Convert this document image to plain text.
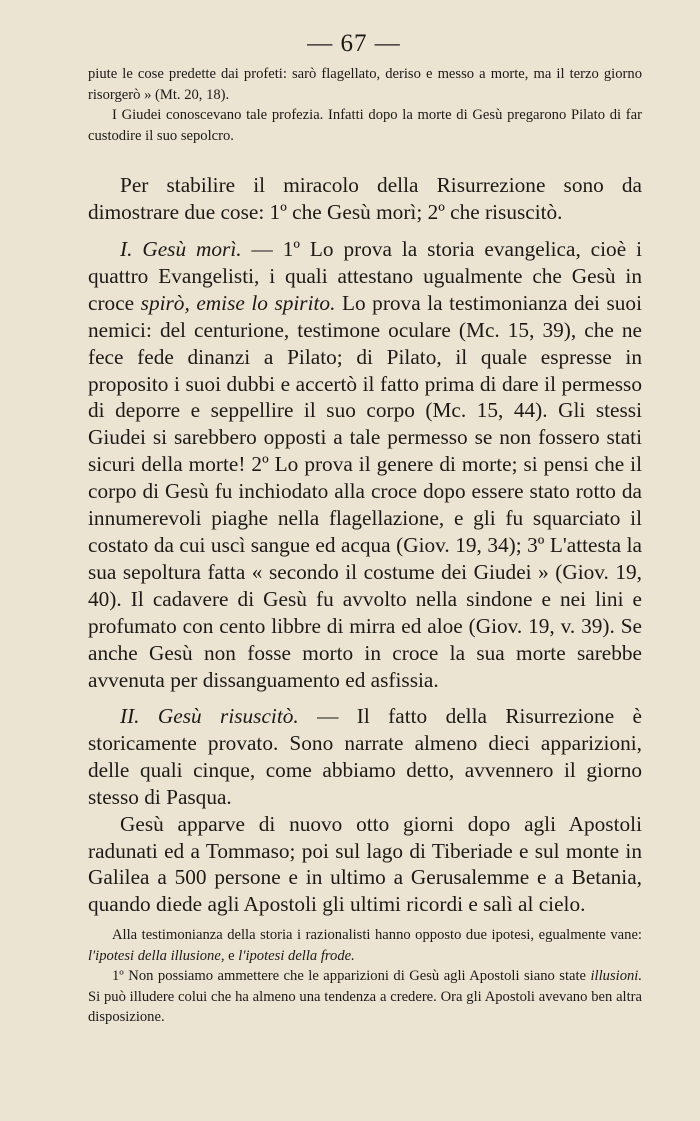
— 67 —

piute le cose predette dai profeti: sarò flagellato, deriso e messo a morte, ma il terzo giorno risorgerò » (Mt. 20, 18).

I Giudei conoscevano tale profezia. Infatti dopo la morte di Gesù pregarono Pilato di far custodire il suo sepolcro.

Per stabilire il miracolo della Risurrezione sono da dimostrare due cose: 1º che Gesù morì; 2º che risuscitò.

I. Gesù morì. — 1º Lo prova la storia evangelica, cioè i quattro Evangelisti, i quali attestano ugualmente che Gesù in croce spirò, emise lo spirito. Lo prova la testimonianza dei suoi nemici: del centurione, testimone oculare (Mc. 15, 39), che ne fece fede dinanzi a Pilato; di Pilato, il quale espresse in proposito i suoi dubbi e accertò il fatto prima di dare il permesso di deporre e seppellire il suo corpo (Mc. 15, 44). Gli stessi Giudei si sarebbero opposti a tale permesso se non fossero stati sicuri della morte! 2º Lo prova il genere di morte; si pensi che il corpo di Gesù fu inchiodato alla croce dopo essere stato rotto da innumerevoli piaghe nella flagellazione, e gli fu squarciato il costato da cui uscì sangue ed acqua (Giov. 19, 34); 3º L'attesta la sua sepoltura fatta « secondo il costume dei Giudei » (Giov. 19, 40). Il cadavere di Gesù fu avvolto nella sindone e nei lini e profumato con cento libbre di mirra ed aloe (Giov. 19, v. 39). Se anche Gesù non fosse morto in croce la sua morte sarebbe avvenuta per dissanguamento ed asfissia.

II. Gesù risuscitò. — Il fatto della Risurrezione è storicamente provato. Sono narrate almeno dieci apparizioni, delle quali cinque, come abbiamo detto, avvennero il giorno stesso di Pasqua.

Gesù apparve di nuovo otto giorni dopo agli Apostoli radunati ed a Tommaso; poi sul lago di Tiberiade e sul monte in Galilea a 500 persone e in ultimo a Gerusalemme e a Betania, quando diede agli Apostoli gli ultimi ricordi e salì al cielo.

Alla testimonianza della storia i razionalisti hanno opposto due ipotesi, egualmente vane: l'ipotesi della illusione, e l'ipotesi della frode.

1º Non possiamo ammettere che le apparizioni di Gesù agli Apostoli siano state illusioni. Si può illudere colui che ha almeno una tendenza a credere. Ora gli Apostoli avevano ben altra disposizione.
